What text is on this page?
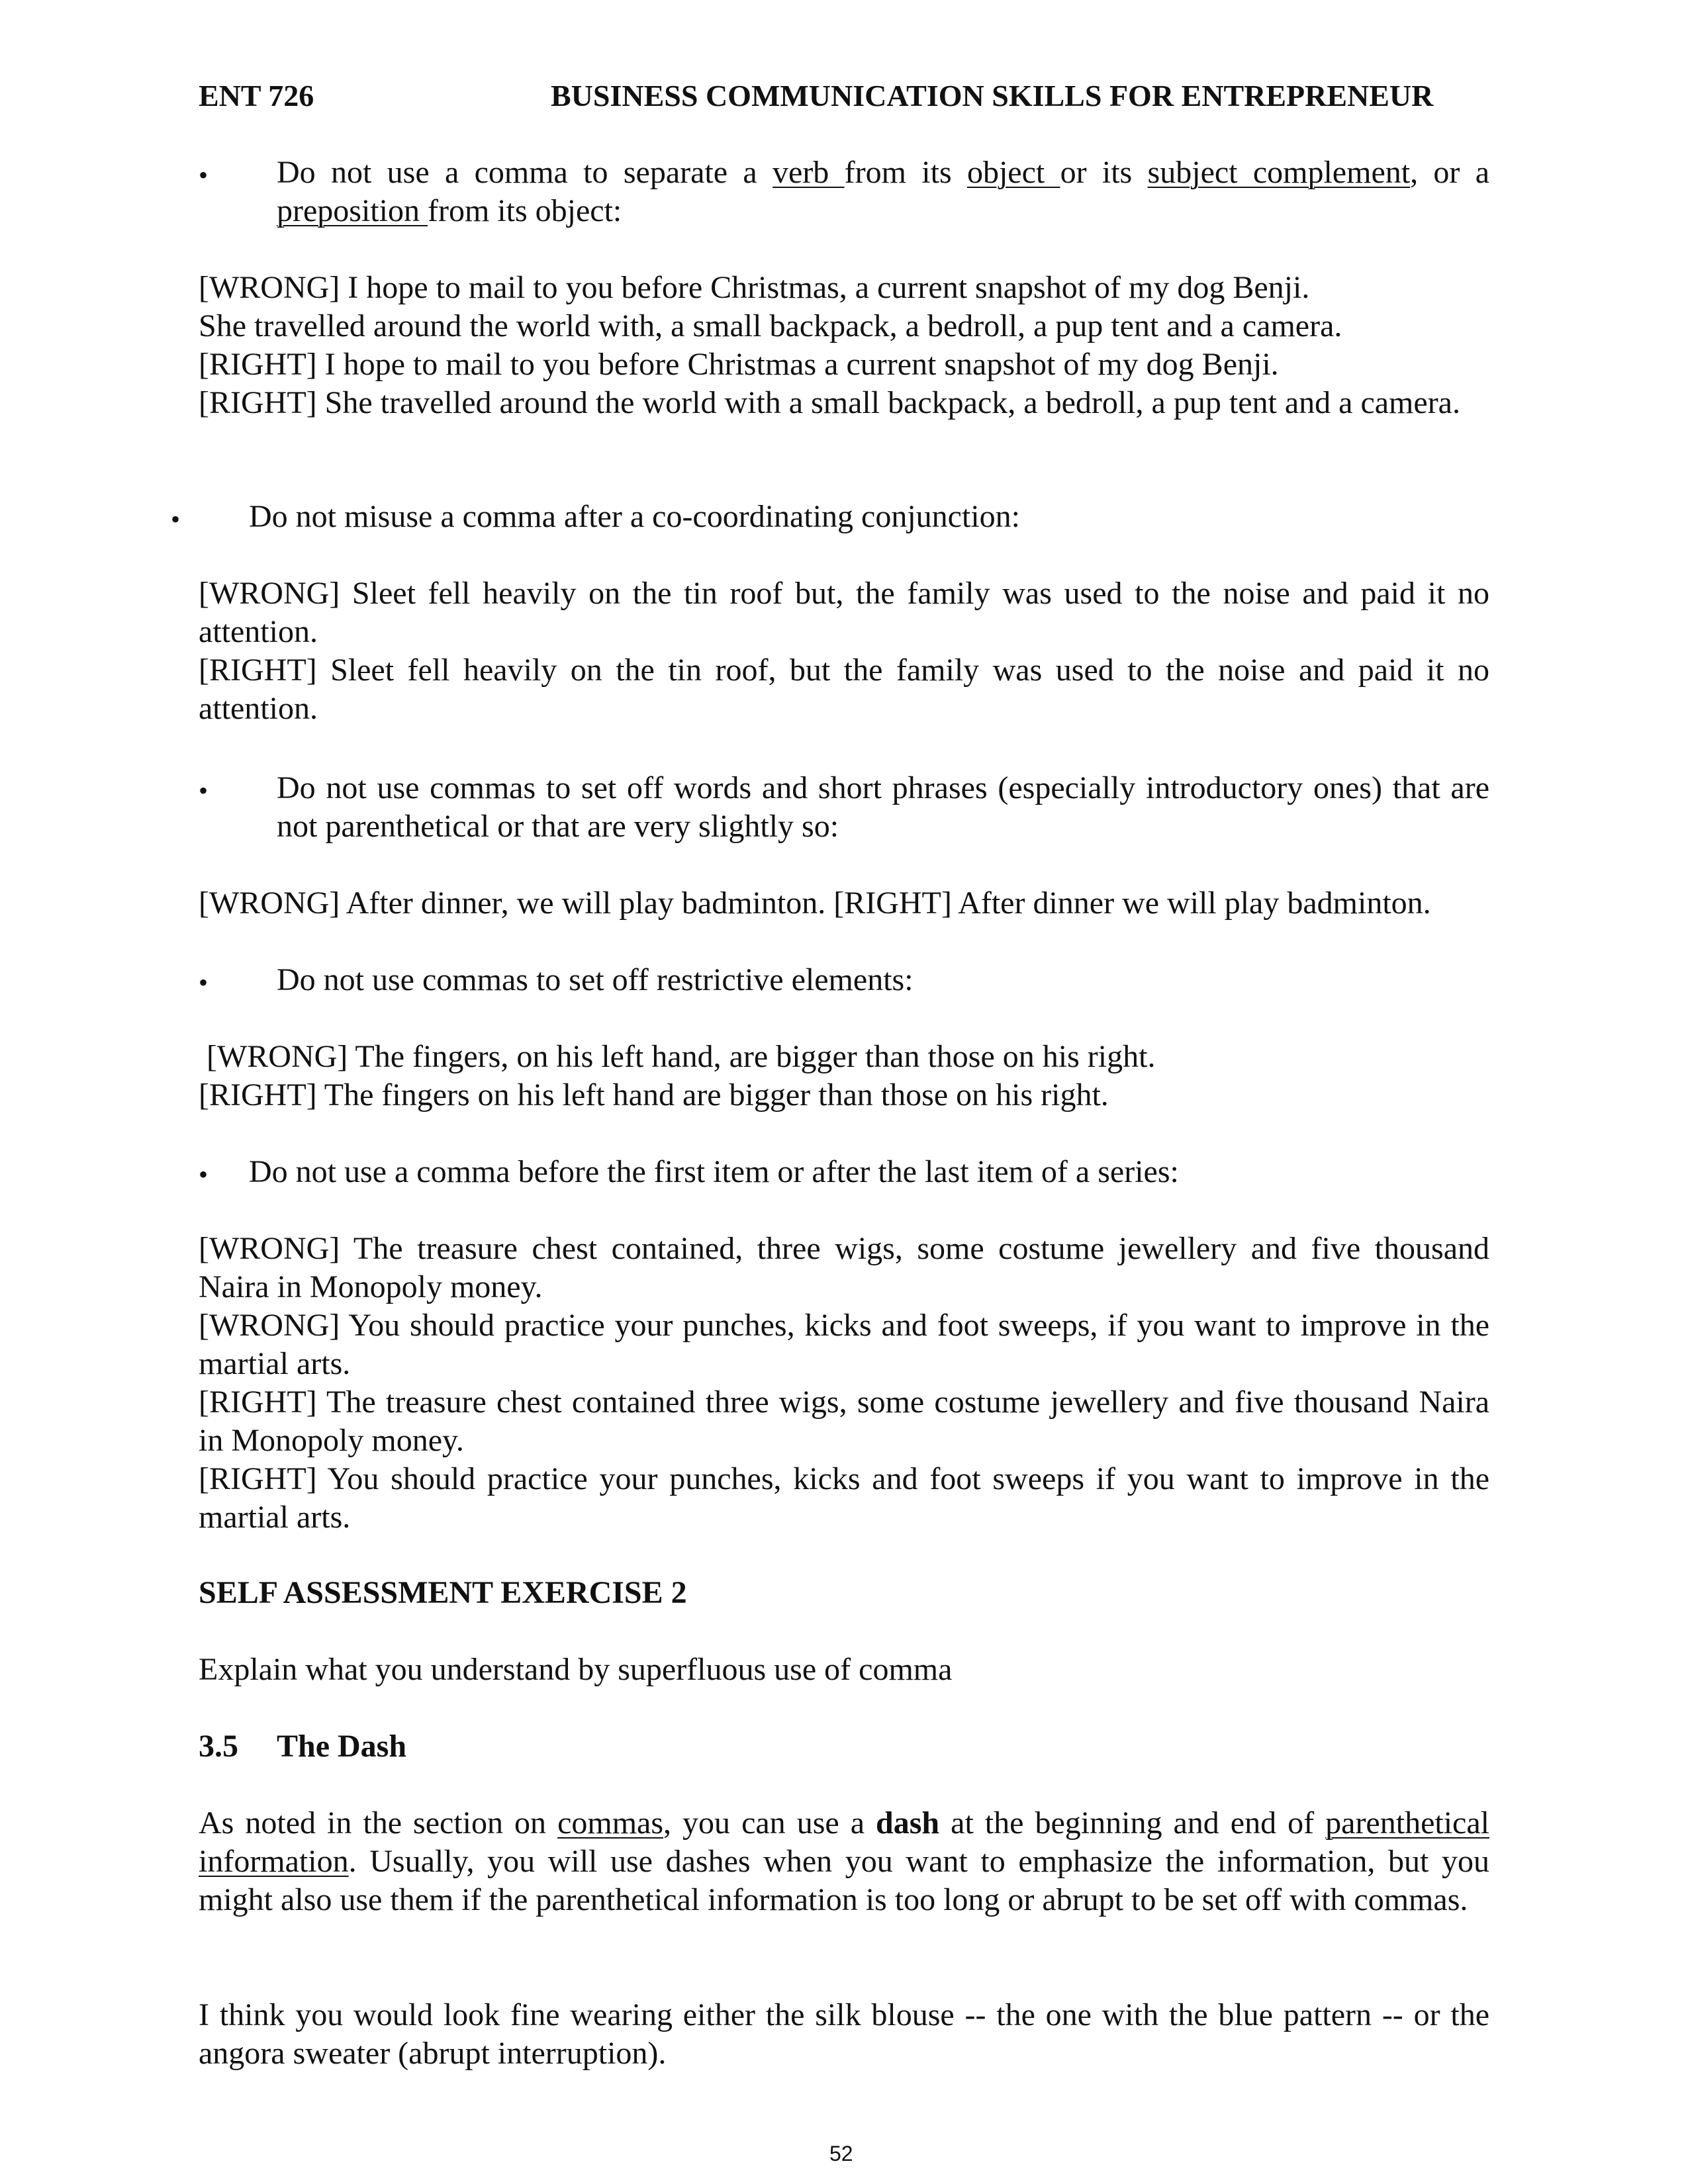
ENT 726	BUSINESS COMMUNICATION SKILLS FOR ENTREPRENEUR
• Do not use a comma to separate a verb from its object or its subject complement, or a preposition from its object:

[WRONG] I hope to mail to you before Christmas, a current snapshot of my dog Benji.

She travelled around the world with, a small backpack, a bedroll, a pup tent and a camera.

[RIGHT] I hope to mail to you before Christmas a current snapshot of my dog Benji.

[RIGHT] She travelled around the world with a small backpack, a bedroll, a pup tent and a camera.

• Do not misuse a comma after a co-coordinating conjunction:

[WRONG] Sleet fell heavily on the tin roof but, the family was used to the noise and paid it no attention.

[RIGHT] Sleet fell heavily on the tin roof, but the family was used to the noise and paid it no attention.

• Do not use commas to set off words and short phrases (especially introductory ones) that are not parenthetical or that are very slightly so:

[WRONG] After dinner, we will play badminton. [RIGHT] After dinner we will play badminton.

• Do not use commas to set off restrictive elements:

[WRONG] The fingers, on his left hand, are bigger than those on his right.

[RIGHT] The fingers on his left hand are bigger than those on his right.

• Do not use a comma before the first item or after the last item of a series:

[WRONG] The treasure chest contained, three wigs, some costume jewellery and five thousand Naira in Monopoly money.

[WRONG] You should practice your punches, kicks and foot sweeps, if you want to improve in the martial arts.

[RIGHT] The treasure chest contained three wigs, some costume jewellery and five thousand Naira in Monopoly money.

[RIGHT] You should practice your punches, kicks and foot sweeps if you want to improve in the martial arts.

SELF ASSESSMENT EXERCISE 2

Explain what you understand by superfluous use of comma

3.5 The Dash

As noted in the section on commas, you can use a dash at the beginning and end of parenthetical information. Usually, you will use dashes when you want to emphasize the information, but you might also use them if the parenthetical information is too long or abrupt to be set off with commas.

I think you would look fine wearing either the silk blouse -- the one with the blue pattern -- or the angora sweater (abrupt interruption).

52
